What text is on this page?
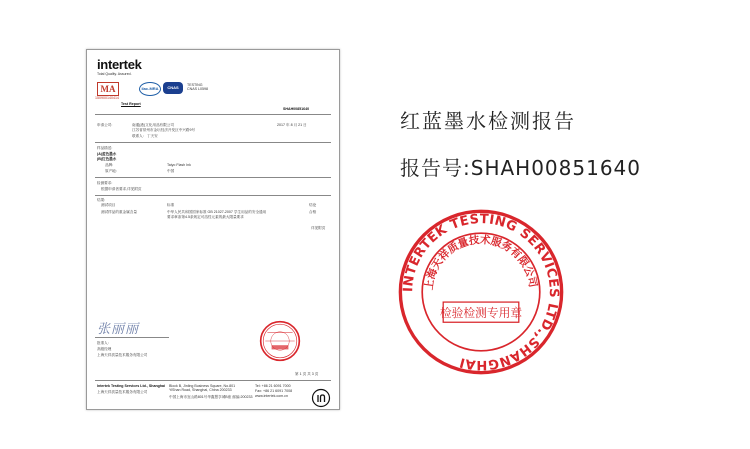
intertek
Total Quality. Assured.
MA
150900140414
Test Report
ilac-MRA	CNAS	TESTING CNAS L0598
SHAH00851640
申请公司:	南通(港)文化用品有限公司
江苏省常州市金坛经济开发区中兴路9号
联系人: 丁天安
2017 年 8 月 21 日
样品描述:
(A)蓝色墨水
(B)红色墨水
品牌:	Taiyo Flash Ink
原产地:	中国
检测要求:
根据申请者要求,详见附页
结果:
测试项目	标准	结论
测试样品的重金属含量	中华人民共和国国家标准 GB 21027-2007 学生用品的安全通用
要求章条第4.5条规定可溶性元素的最大限量要求
合格
详见附页
张丽丽
批准人:
高级经理
上海天祥质量技术服务有限公司
第 1 页 共 3 页
Intertek Testing Services Ltd., Shanghai
上海天祥质量技术服务有限公司
Block B, Jinling Business Square, No.801 YiShan Road, Shanghai, China 200233
中国上海市宜山路801号华鑫慧享城B座 邮编:200233
Tel: +86 21 6091 7000
Fax: +86 21 6091 7008
www.intertek.com.cn
红蓝墨水检测报告
报告号:SHAH00851640
INTERTEK TESTING SERVICES LTD.,SHANGHAI
上海天祥质量技术服务有限公司
检验检测专用章
